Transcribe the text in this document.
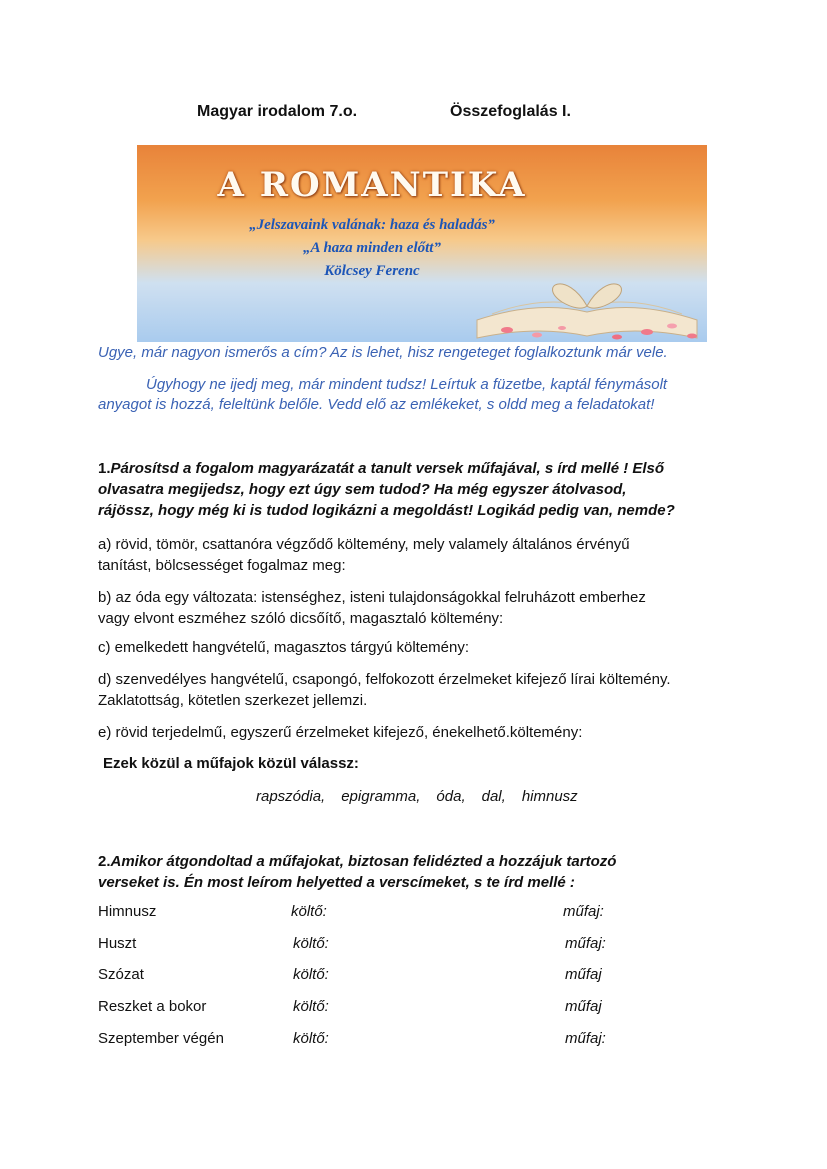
Magyar irodalom 7.o.	Összefoglalás I.
A ROMANTIKA
„Jelszavaink valának: haza és haladás”
„A haza minden előtt”
Kölcsey Ferenc
Ugye, már nagyon ismerős a cím? Az is lehet, hisz rengeteget foglalkoztunk már vele.
Úgyhogy ne ijedj meg, már mindent tudsz! Leírtuk a füzetbe, kaptál fénymásolt
anyagot is hozzá, feleltünk belőle. Vedd elő az emlékeket, s oldd meg a feladatokat!
1.Párosítsd a fogalom magyarázatát a tanult versek műfajával, s írd mellé ! Első
olvasatra megijedsz, hogy ezt úgy sem tudod? Ha még egyszer átolvasod,
rájössz, hogy még ki is tudod logikázni a megoldást! Logikád pedig van, nemde?
a) rövid, tömör, csattanóra végződő költemény, mely valamely általános érvényű
tanítást, bölcsességet fogalmaz meg:
b) az óda egy változata: istenséghez, isteni tulajdonságokkal felruházott emberhez
vagy elvont eszméhez szóló dicsőítő, magasztaló költemény:
c) emelkedett hangvételű, magasztos tárgyú költemény:
d) szenvedélyes hangvételű, csapongó, felfokozott érzelmeket kifejező lírai költemény.
Zaklatottság, kötetlen szerkezet jellemzi.
e) rövid terjedelmű, egyszerű érzelmeket kifejező, énekelhető.költemény:
Ezek közül a műfajok közül válassz:
rapszódia, epigramma, óda, dal, himnusz
2.Amikor átgondoltad a műfajokat, biztosan felidézted a hozzájuk tartozó
verseket is. Én most leírom helyetted a verscímeket, s te írd mellé :
Himnusz	költő:	műfaj:
Huszt	költő:	műfaj:
Szózat	költő:	műfaj
Reszket a bokor	költő:	műfaj
Szeptember végén	költő:	műfaj:
